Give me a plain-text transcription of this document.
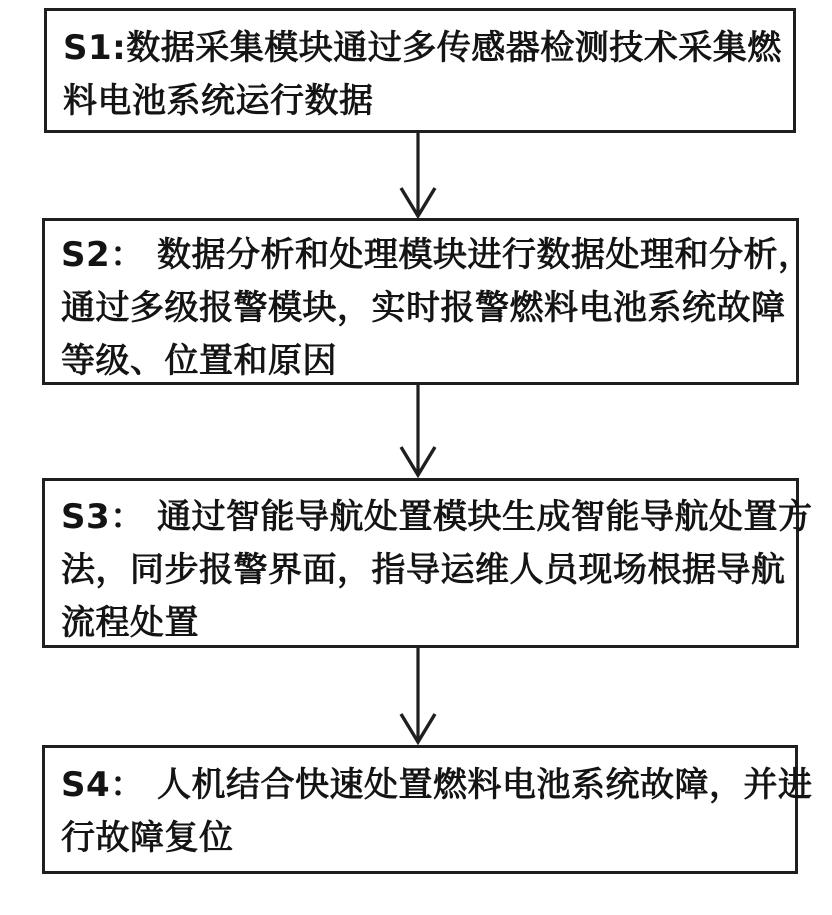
S1:数据采集模块通过多传感器检测技术采集燃
料电池系统运行数据
S2： 数据分析和处理模块进行数据处理和分析，
通过多级报警模块，实时报警燃料电池系统故障
等级、位置和原因
S3： 通过智能导航处置模块生成智能导航处置方
法，同步报警界面，指导运维人员现场根据导航
流程处置
S4： 人机结合快速处置燃料电池系统故障，并进
行故障复位
